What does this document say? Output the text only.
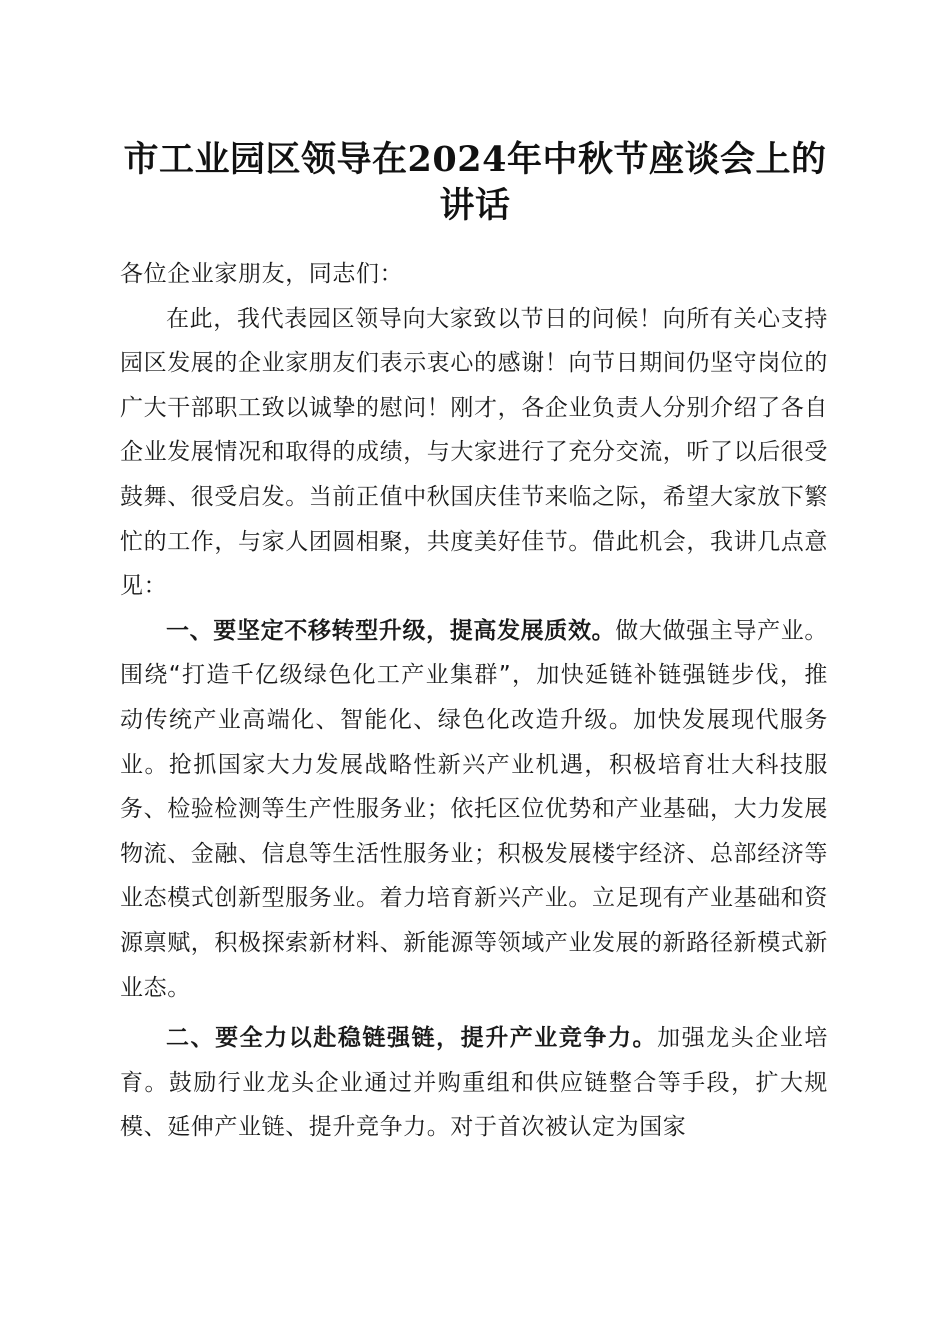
市工业园区领导在2024年中秋节座谈会上的
讲话

各位企业家朋友，同志们：

在此，我代表园区领导向大家致以节日的问候！向所有关心支持园区发展的企业家朋友们表示衷心的感谢！向节日期间仍坚守岗位的广大干部职工致以诚挚的慰问！刚才，各企业负责人分别介绍了各自企业发展情况和取得的成绩，与大家进行了充分交流，听了以后很受鼓舞、很受启发。当前正值中秋国庆佳节来临之际，希望大家放下繁忙的工作，与家人团圆相聚，共度美好佳节。借此机会，我讲几点意见：

一、要坚定不移转型升级，提高发展质效。做大做强主导产业。围绕“打造千亿级绿色化工产业集群”，加快延链补链强链步伐，推动传统产业高端化、智能化、绿色化改造升级。加快发展现代服务业。抢抓国家大力发展战略性新兴产业机遇，积极培育壮大科技服务、检验检测等生产性服务业；依托区位优势和产业基础，大力发展物流、金融、信息等生活性服务业；积极发展楼宇经济、总部经济等业态模式创新型服务业。着力培育新兴产业。立足现有产业基础和资源禀赋，积极探索新材料、新能源等领域产业发展的新路径新模式新业态。

二、要全力以赴稳链强链，提升产业竞争力。加强龙头企业培育。鼓励行业龙头企业通过并购重组和供应链整合等手段，扩大规模、延伸产业链、提升竞争力。对于首次被认定为国家
